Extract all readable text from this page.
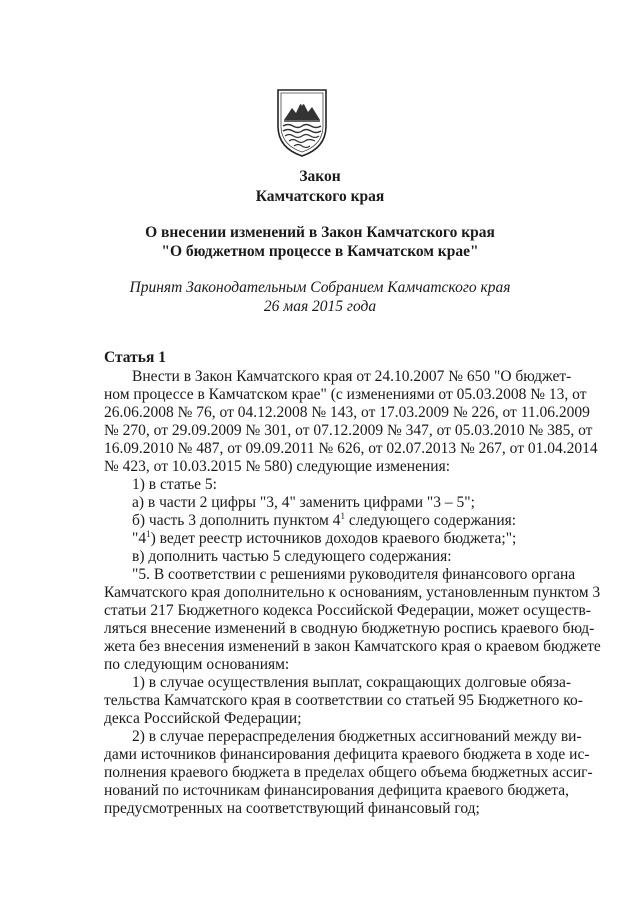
Закон
Камчатского края
О внесении изменений в Закон Камчатского края
"О бюджетном процессе в Камчатском крае"
Принят Законодательным Собранием Камчатского края
26 мая 2015 года
Статья 1
Внести в Закон Камчатского края от 24.10.2007 № 650 "О бюджет-
ном процессе в Камчатском крае" (с изменениями от 05.03.2008 № 13, от
26.06.2008 № 76, от 04.12.2008 № 143, от 17.03.2009 № 226, от 11.06.2009
№ 270, от 29.09.2009 № 301, от 07.12.2009 № 347, от 05.03.2010 № 385, от
16.09.2010 № 487, от 09.09.2011 № 626, от 02.07.2013 № 267, от 01.04.2014
№ 423, от 10.03.2015 № 580) следующие изменения:
1) в статье 5:
а) в части 2 цифры "3, 4" заменить цифрами "3 – 5";
б) часть 3 дополнить пунктом $4^1$ следующего содержания:
"$4^1$) ведет реестр источников доходов краевого бюджета;";
в) дополнить частью 5 следующего содержания:
"5. В соответствии с решениями руководителя финансового органа
Камчатского края дополнительно к основаниям, установленным пунктом 3
статьи 217 Бюджетного кодекса Российской Федерации, может осуществ-
ляться внесение изменений в сводную бюджетную роспись краевого бюд-
жета без внесения изменений в закон Камчатского края о краевом бюджете
по следующим основаниям:
1) в случае осуществления выплат, сокращающих долговые обяза-
тельства Камчатского края в соответствии со статьей 95 Бюджетного ко-
декса Российской Федерации;
2) в случае перераспределения бюджетных ассигнований между ви-
дами источников финансирования дефицита краевого бюджета в ходе ис-
полнения краевого бюджета в пределах общего объема бюджетных ассиг-
нований по источникам финансирования дефицита краевого бюджета,
предусмотренных на соответствующий финансовый год;
